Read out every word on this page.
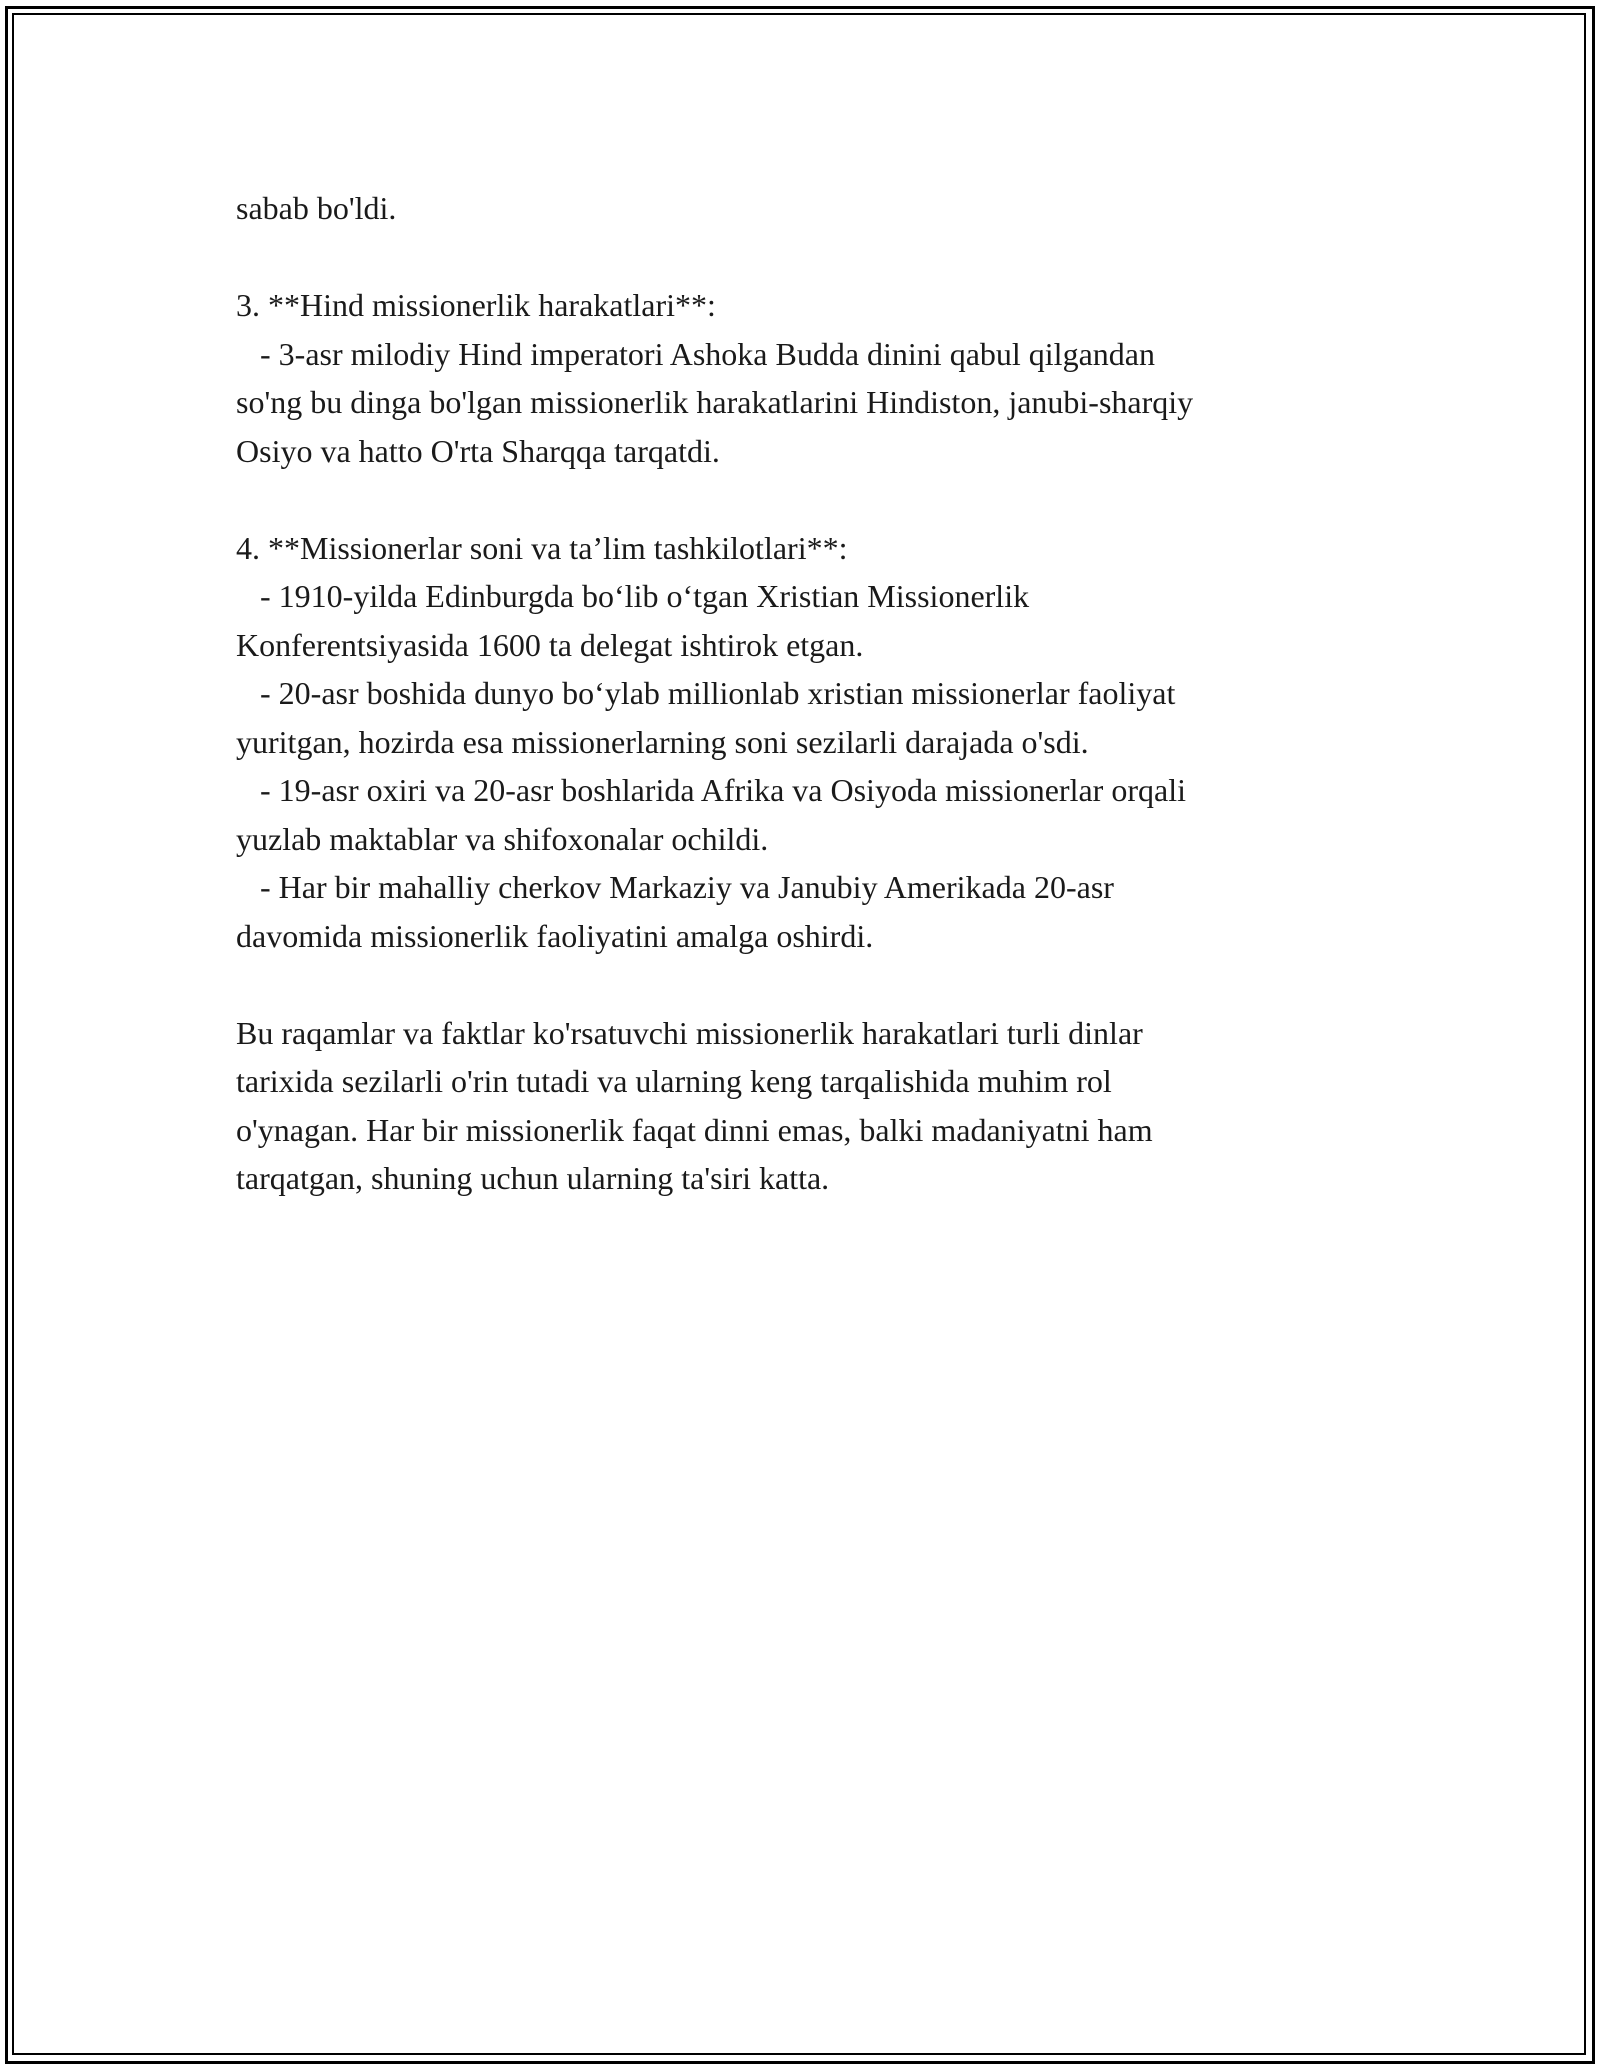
sabab bo'ldi.
3. **Hind missionerlik harakatlari**:
- 3-asr milodiy Hind imperatori Ashoka Budda dinini qabul qilgandan
so'ng bu dinga bo'lgan missionerlik harakatlarini Hindiston, janubi-sharqiy
Osiyo va hatto O'rta Sharqqa tarqatdi.
4. **Missionerlar soni va ta’lim tashkilotlari**:
- 1910-yilda Edinburgda bo‘lib o‘tgan Xristian Missionerlik
Konferentsiyasida 1600 ta delegat ishtirok etgan.
- 20-asr boshida dunyo bo‘ylab millionlab xristian missionerlar faoliyat
yuritgan, hozirda esa missionerlarning soni sezilarli darajada o'sdi.
- 19-asr oxiri va 20-asr boshlarida Afrika va Osiyoda missionerlar orqali
yuzlab maktablar va shifoxonalar ochildi.
- Har bir mahalliy cherkov Markaziy va Janubiy Amerikada 20-asr
davomida missionerlik faoliyatini amalga oshirdi.
Bu raqamlar va faktlar ko'rsatuvchi missionerlik harakatlari turli dinlar
tarixida sezilarli o'rin tutadi va ularning keng tarqalishida muhim rol
o'ynagan. Har bir missionerlik faqat dinni emas, balki madaniyatni ham
tarqatgan, shuning uchun ularning ta'siri katta.
